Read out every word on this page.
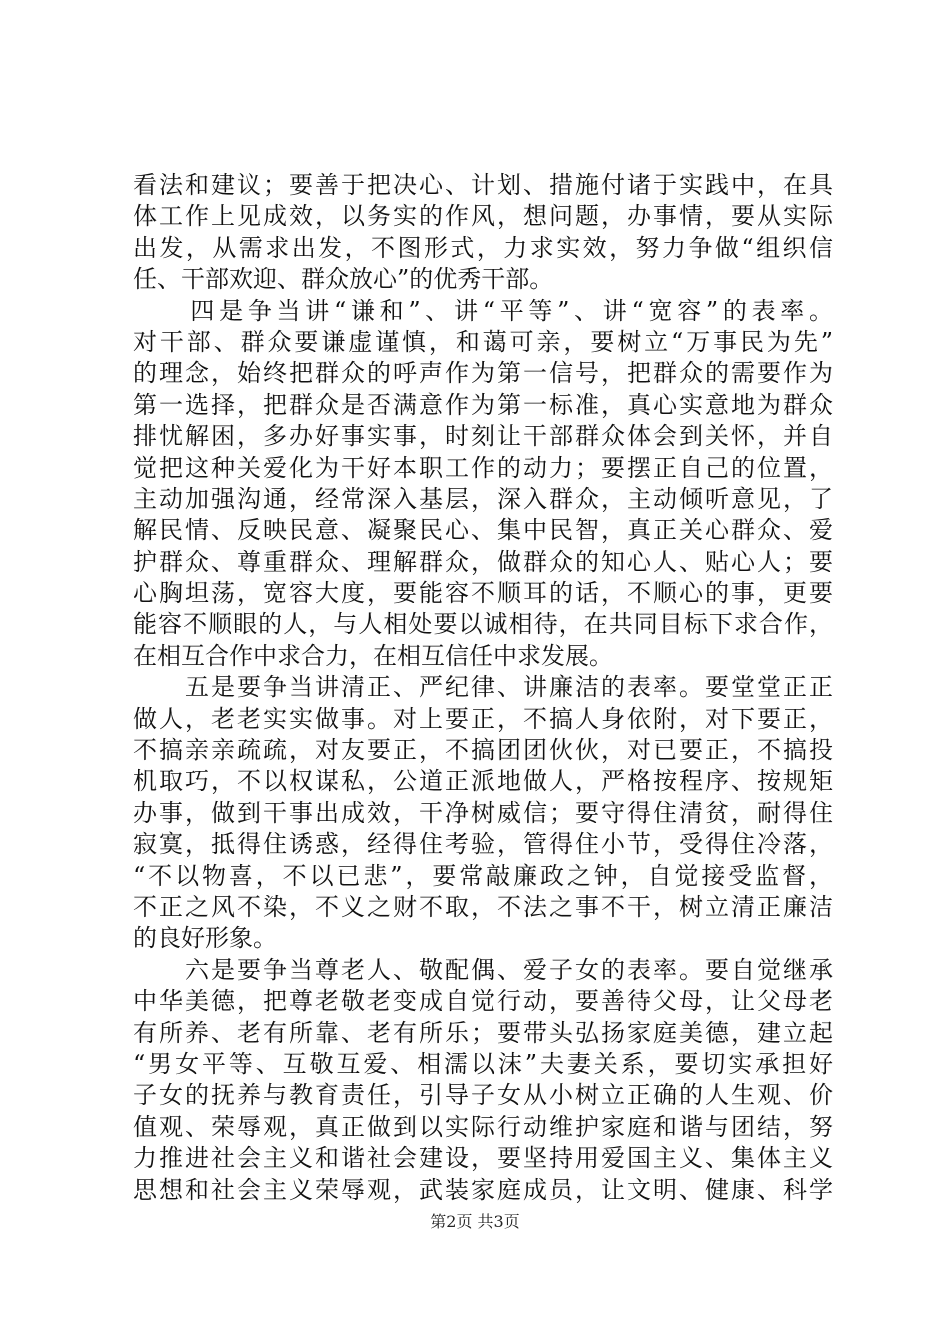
看法和建议；要善于把决心、计划、措施付诸于实践中，在具
体工作上见成效，以务实的作风，想问题，办事情，要从实际
出发，从需求出发，不图形式，力求实效，努力争做“组织信
任、干部欢迎、群众放心”的优秀干部。
　　四是争当讲“谦和”、讲“平等”、讲“宽容”的表率。
对干部、群众要谦虚谨慎，和蔼可亲，要树立“万事民为先”
的理念，始终把群众的呼声作为第一信号，把群众的需要作为
第一选择，把群众是否满意作为第一标准，真心实意地为群众
排忧解困，多办好事实事，时刻让干部群众体会到关怀，并自
觉把这种关爱化为干好本职工作的动力；要摆正自己的位置，
主动加强沟通，经常深入基层，深入群众，主动倾听意见，了
解民情、反映民意、凝聚民心、集中民智，真正关心群众、爱
护群众、尊重群众、理解群众，做群众的知心人、贴心人；要
心胸坦荡，宽容大度，要能容不顺耳的话，不顺心的事，更要
能容不顺眼的人，与人相处要以诚相待，在共同目标下求合作，
在相互合作中求合力，在相互信任中求发展。
　　五是要争当讲清正、严纪律、讲廉洁的表率。要堂堂正正
做人，老老实实做事。对上要正，不搞人身依附，对下要正，
不搞亲亲疏疏，对友要正，不搞团团伙伙，对已要正，不搞投
机取巧，不以权谋私，公道正派地做人，严格按程序、按规矩
办事，做到干事出成效，干净树威信；要守得住清贫，耐得住
寂寞，抵得住诱惑，经得住考验，管得住小节，受得住冷落，
“不以物喜，不以已悲”，要常敲廉政之钟，自觉接受监督，
不正之风不染，不义之财不取，不法之事不干，树立清正廉洁
的良好形象。
　　六是要争当尊老人、敬配偶、爱子女的表率。要自觉继承
中华美德，把尊老敬老变成自觉行动，要善待父母，让父母老
有所养、老有所靠、老有所乐；要带头弘扬家庭美德，建立起
“男女平等、互敬互爱、相濡以沫”夫妻关系，要切实承担好
子女的抚养与教育责任，引导子女从小树立正确的人生观、价
值观、荣辱观，真正做到以实际行动维护家庭和谐与团结，努
力推进社会主义和谐社会建设，要坚持用爱国主义、集体主义
思想和社会主义荣辱观，武装家庭成员，让文明、健康、科学
第2页 共3页
